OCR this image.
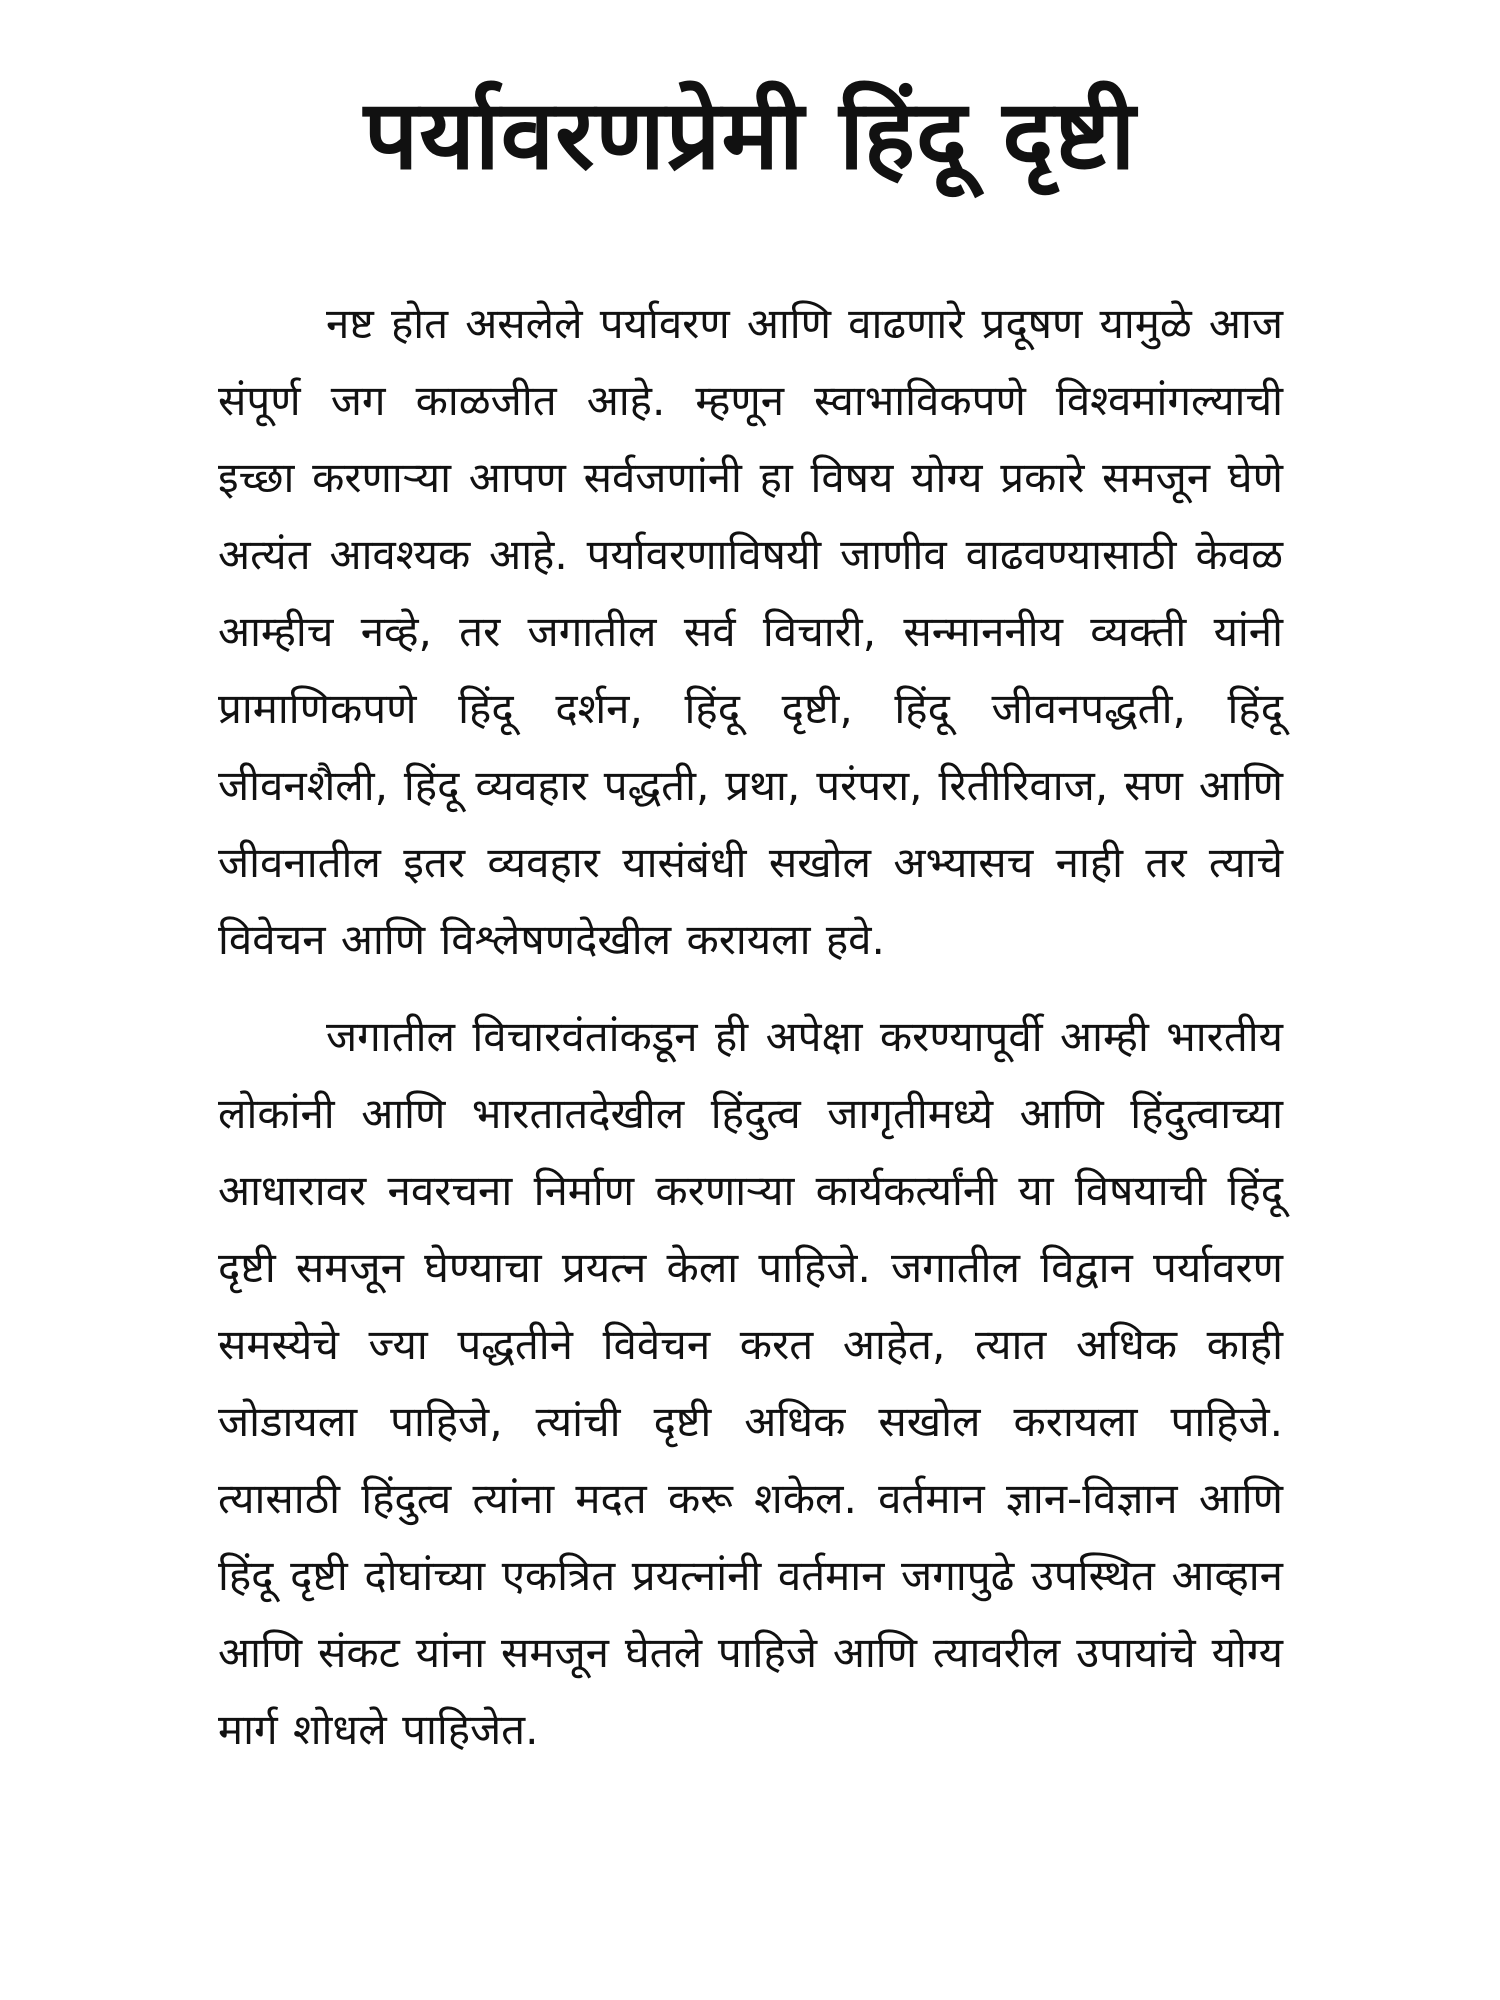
पर्यावरणप्रेमी हिंदू दृष्टी

नष्ट होत असलेले पर्यावरण आणि वाढणारे प्रदूषण यामुळे आज संपूर्ण जग काळजीत आहे. म्हणून स्वाभाविकपणे विश्वमांगल्याची इच्छा करणाऱ्या आपण सर्वजणांनी हा विषय योग्य प्रकारे समजून घेणे अत्यंत आवश्यक आहे. पर्यावरणाविषयी जाणीव वाढवण्यासाठी केवळ आम्हीच नव्हे, तर जगातील सर्व विचारी, सन्माननीय व्यक्ती यांनी प्रामाणिकपणे हिंदू दर्शन, हिंदू दृष्टी, हिंदू जीवनपद्धती, हिंदू जीवनशैली, हिंदू व्यवहार पद्धती, प्रथा, परंपरा, रितीरिवाज, सण आणि जीवनातील इतर व्यवहार यासंबंधी सखोल अभ्यासच नाही तर त्याचे विवेचन आणि विश्लेषणदेखील करायला हवे.

जगातील विचारवंतांकडून ही अपेक्षा करण्यापूर्वी आम्ही भारतीय लोकांनी आणि भारतातदेखील हिंदुत्व जागृतीमध्ये आणि हिंदुत्वाच्या आधारावर नवरचना निर्माण करणाऱ्या कार्यकर्त्यांनी या विषयाची हिंदू दृष्टी समजून घेण्याचा प्रयत्न केला पाहिजे. जगातील विद्वान पर्यावरण समस्येचे ज्या पद्धतीने विवेचन करत आहेत, त्यात अधिक काही जोडायला पाहिजे, त्यांची दृष्टी अधिक सखोल करायला पाहिजे. त्यासाठी हिंदुत्व त्यांना मदत करू शकेल. वर्तमान ज्ञान-विज्ञान आणि हिंदू दृष्टी दोघांच्या एकत्रित प्रयत्नांनी वर्तमान जगापुढे उपस्थित आव्हान आणि संकट यांना समजून घेतले पाहिजे आणि त्यावरील उपायांचे योग्य मार्ग शोधले पाहिजेत.
